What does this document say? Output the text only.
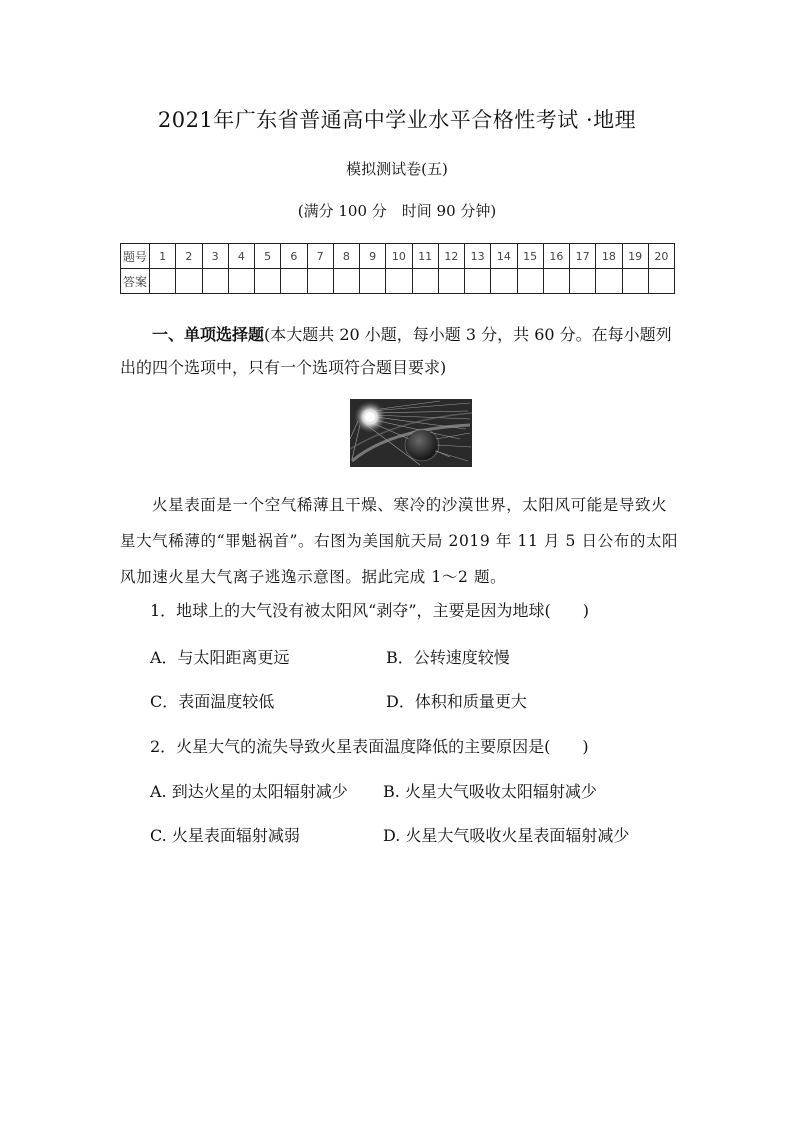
2021年广东省普通高中学业水平合格性考试 ·地理
模拟测试卷(五)
(满分 100 分　时间 90 分钟)
题号	1	2	3	4	5	6	7	8	9	10	11	12	13	14	15	16	17	18	19	20
答案																				
一、单项选择题(本大题共 20 小题，每小题 3 分，共 60 分。在每小题列出的四个选项中，只有一个选项符合题目要求)
火星表面是一个空气稀薄且干燥、寒冷的沙漠世界，太阳风可能是导致火星大气稀薄的“罪魁祸首”。右图为美国航天局 2019 年 11 月 5 日公布的太阳风加速火星大气离子逃逸示意图。据此完成 1～2 题。
1．地球上的大气没有被太阳风“剥夺”，主要是因为地球(　　)
A．与太阳距离更远	B．公转速度较慢
C．表面温度较低	D．体积和质量更大
2．火星大气的流失导致火星表面温度降低的主要原因是(　　)
A. 到达火星的太阳辐射减少 B. 火星大气吸收太阳辐射减少
C. 火星表面辐射减弱	D. 火星大气吸收火星表面辐射减少
